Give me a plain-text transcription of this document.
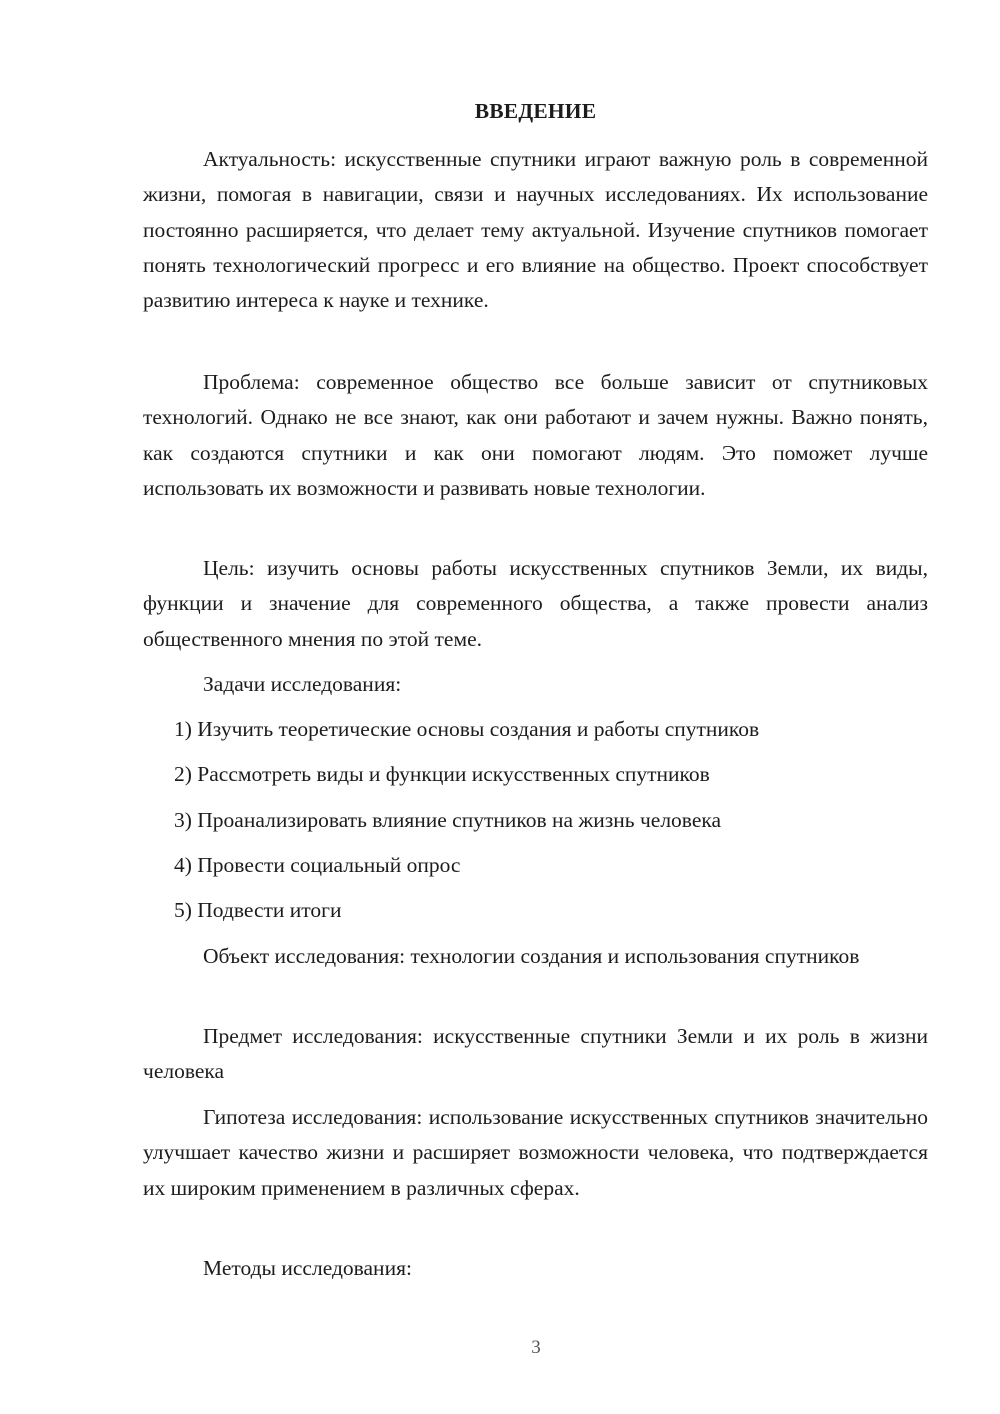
ВВЕДЕНИЕ

Актуальность: искусственные спутники играют важную роль в современной жизни, помогая в навигации, связи и научных исследованиях. Их использование постоянно расширяется, что делает тему актуальной. Изучение спутников помогает понять технологический прогресс и его влияние на общество. Проект способствует развитию интереса к науке и технике.

Проблема: современное общество все больше зависит от спутниковых технологий. Однако не все знают, как они работают и зачем нужны. Важно понять, как создаются спутники и как они помогают людям. Это поможет лучше использовать их возможности и развивать новые технологии.

Цель: изучить основы работы искусственных спутников Земли, их виды, функции и значение для современного общества, а также провести анализ общественного мнения по этой теме.

Задачи исследования:

1) Изучить теоретические основы создания и работы спутников

2) Рассмотреть виды и функции искусственных спутников

3) Проанализировать влияние спутников на жизнь человека

4) Провести социальный опрос

5) Подвести итоги

Объект исследования: технологии создания и использования спутников

Предмет исследования: искусственные спутники Земли и их роль в жизни человека

Гипотеза исследования: использование искусственных спутников значительно улучшает качество жизни и расширяет возможности человека, что подтверждается их широким применением в различных сферах.

Методы исследования:

3
